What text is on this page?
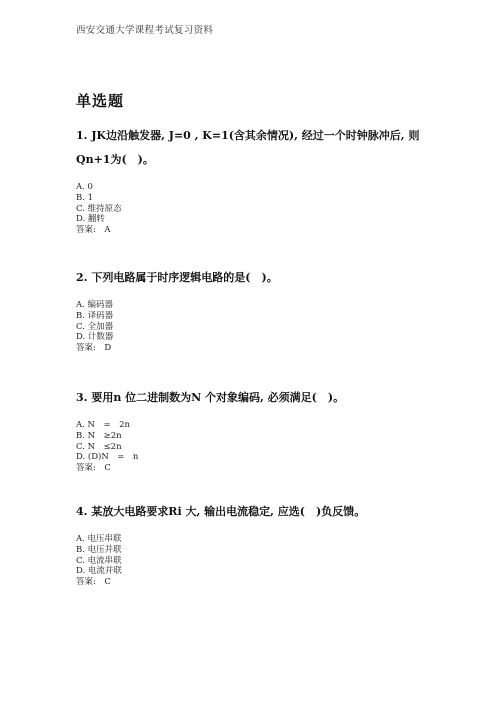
西安交通大学课程考试复习资料
单选题

1. JK边沿触发器, J=0 , K=1(含其余情况), 经过一个时钟脉冲后, 则Qn+1为(　)。

A. 0
B. 1
C. 维持原态
D. 翻转
答案:　A

2. 下列电路属于时序逻辑电路的是(　)。

A. 编码器
B. 译码器
C. 全加器
D. 计数器
答案:　D

3. 要用n 位二进制数为N 个对象编码, 必须满足(　)。

A. N　=　2n
B. N　≥2n
C. N　≤2n
D. (D)N　=　n
答案:　C

4. 某放大电路要求Ri 大, 输出电流稳定, 应选(　)负反馈。

A. 电压串联
B. 电压并联
C. 电流串联
D. 电流并联
答案:　C
